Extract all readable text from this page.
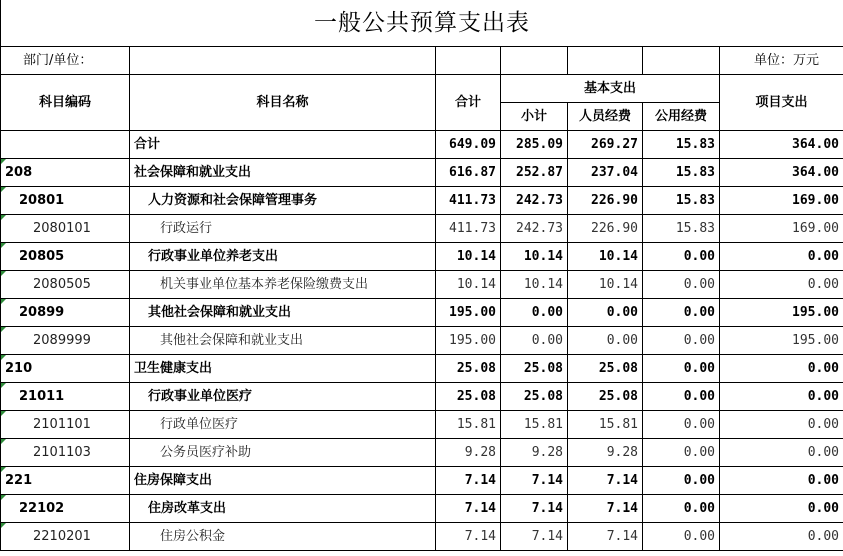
一般公共预算支出表						
部门/单位：						单位：万元
科目编码	科目名称	合计	基本支出			项目支出
			小计	人员经费	公用经费	
	合计	649.09	285.09	269.27	15.83	364.00
208	社会保障和就业支出	616.87	252.87	237.04	15.83	364.00
20801	人力资源和社会保障管理事务	411.73	242.73	226.90	15.83	169.00
2080101	行政运行	411.73	242.73	226.90	15.83	169.00
20805	行政事业单位养老支出	10.14	10.14	10.14	0.00	0.00
2080505	机关事业单位基本养老保险缴费支出	10.14	10.14	10.14	0.00	0.00
20899	其他社会保障和就业支出	195.00	0.00	0.00	0.00	195.00
2089999	其他社会保障和就业支出	195.00	0.00	0.00	0.00	195.00
210	卫生健康支出	25.08	25.08	25.08	0.00	0.00
21011	行政事业单位医疗	25.08	25.08	25.08	0.00	0.00
2101101	行政单位医疗	15.81	15.81	15.81	0.00	0.00
2101103	公务员医疗补助	9.28	9.28	9.28	0.00	0.00
221	住房保障支出	7.14	7.14	7.14	0.00	0.00
22102	住房改革支出	7.14	7.14	7.14	0.00	0.00
2210201	住房公积金	7.14	7.14	7.14	0.00	0.00
